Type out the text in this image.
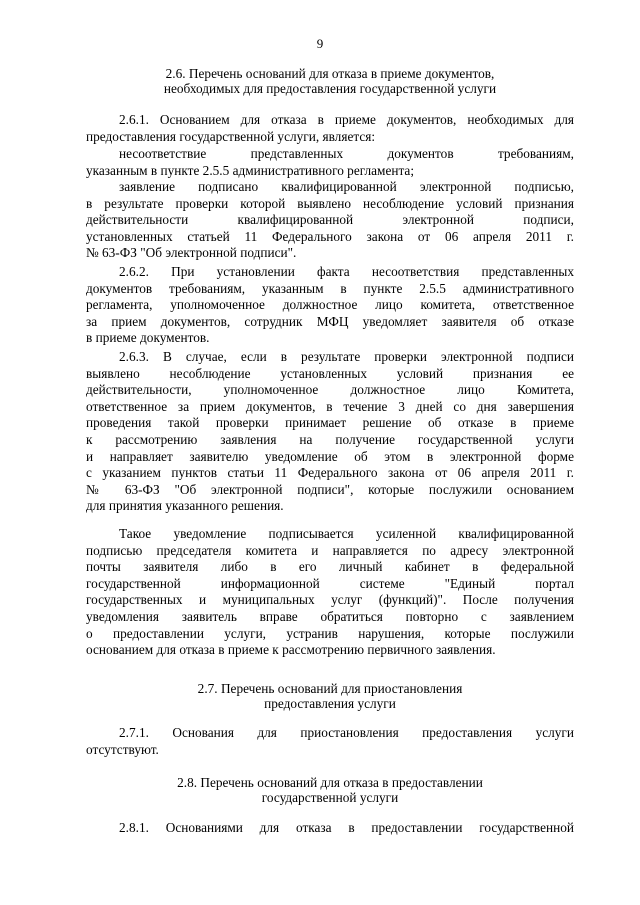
9
2.6. Перечень оснований для отказа в приеме документов,
необходимых для предоставления государственной услуги
2.6.1. Основанием для отказа в приеме документов, необходимых для
предоставления государственной услуги, является:
несоответствие представленных документов требованиям,
указанным в пункте 2.5.5 административного регламента;
заявление подписано квалифицированной электронной подписью,
в результате проверки которой выявлено несоблюдение условий признания
действительности квалифицированной электронной подписи,
установленных статьей 11 Федерального закона от 06 апреля 2011 г.
№ 63-ФЗ "Об электронной подписи".
2.6.2. При установлении факта несоответствия представленных
документов требованиям, указанным в пункте 2.5.5 административного
регламента, уполномоченное должностное лицо комитета, ответственное
за прием документов, сотрудник МФЦ уведомляет заявителя об отказе
в приеме документов.
2.6.3. В случае, если в результате проверки электронной подписи
выявлено несоблюдение установленных условий признания ее
действительности, уполномоченное должностное лицо Комитета,
ответственное за прием документов, в течение 3 дней со дня завершения
проведения такой проверки принимает решение об отказе в приеме
к рассмотрению заявления на получение государственной услуги
и направляет заявителю уведомление об этом в электронной форме
с указанием пунктов статьи 11 Федерального закона от 06 апреля 2011 г.
№ 63-ФЗ "Об электронной подписи", которые послужили основанием
для принятия указанного решения.
Такое уведомление подписывается усиленной квалифицированной
подписью председателя комитета и направляется по адресу электронной
почты заявителя либо в его личный кабинет в федеральной
государственной информационной системе "Единый портал
государственных и муниципальных услуг (функций)". После получения
уведомления заявитель вправе обратиться повторно с заявлением
о предоставлении услуги, устранив нарушения, которые послужили
основанием для отказа в приеме к рассмотрению первичного заявления.
2.7. Перечень оснований для приостановления
предоставления услуги
2.7.1. Основания для приостановления предоставления услуги
отсутствуют.
2.8. Перечень оснований для отказа в предоставлении
государственной услуги
2.8.1. Основаниями для отказа в предоставлении государственной
